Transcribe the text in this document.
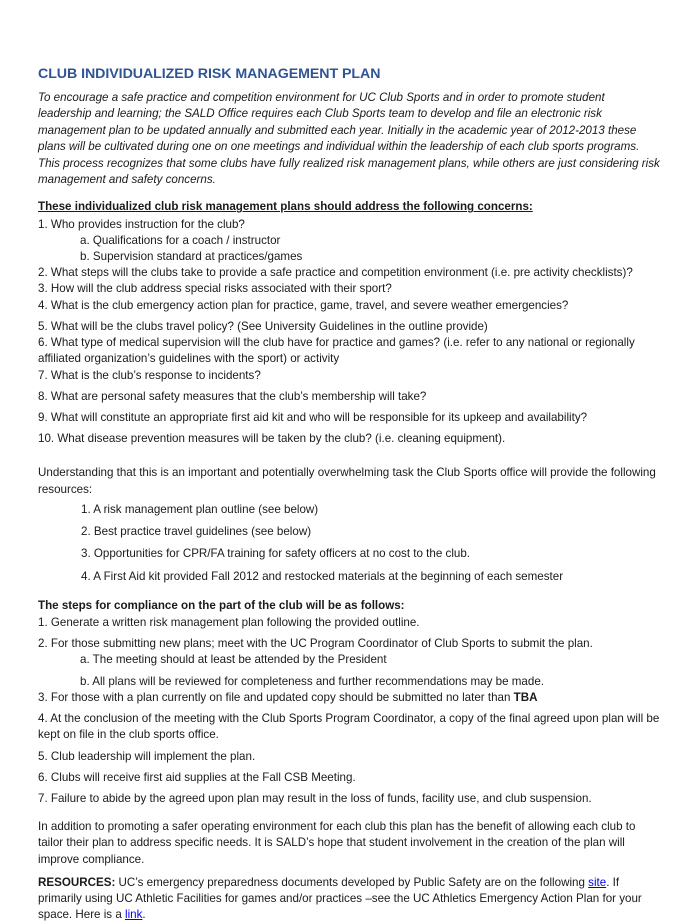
CLUB INDIVIDUALIZED RISK MANAGEMENT PLAN

To encourage a safe practice and competition environment for UC Club Sports and in order to promote student leadership and learning; the SALD Office requires each Club Sports team to develop and file an electronic risk management plan to be updated annually and submitted each year. Initially in the academic year of 2012-2013 these plans will be cultivated during one on one meetings and individual within the leadership of each club sports programs. This process recognizes that some clubs have fully realized risk management plans, while others are just considering risk management and safety concerns.

These individualized club risk management plans should address the following concerns:
1. Who provides instruction for the club?
a. Qualifications for a coach / instructor
b. Supervision standard at practices/games
2. What steps will the clubs take to provide a safe practice and competition environment (i.e. pre activity checklists)?
3. How will the club address special risks associated with their sport?
4. What is the club emergency action plan for practice, game, travel, and severe weather emergencies?
5. What will be the clubs travel policy? (See University Guidelines in the outline provide)
6. What type of medical supervision will the club have for practice and games? (i.e. refer to any national or regionally affiliated organization’s guidelines with the sport) or activity
7. What is the club’s response to incidents?
8. What are personal safety measures that the club’s membership will take?
9. What will constitute an appropriate first aid kit and who will be responsible for its upkeep and availability?
10. What disease prevention measures will be taken by the club? (i.e. cleaning equipment).

Understanding that this is an important and potentially overwhelming task the Club Sports office will provide the following resources:

1. A risk management plan outline (see below)
2. Best practice travel guidelines (see below)
3. Opportunities for CPR/FA training for safety officers at no cost to the club.
4. A First Aid kit provided Fall 2012 and restocked materials at the beginning of each semester
The steps for compliance on the part of the club will be as follows:
1. Generate a written risk management plan following the provided outline.
2. For those submitting new plans; meet with the UC Program Coordinator of Club Sports to submit the plan.
a. The meeting should at least be attended by the President
b. All plans will be reviewed for completeness and further recommendations may be made.
3. For those with a plan currently on file and updated copy should be submitted no later than TBA
4. At the conclusion of the meeting with the Club Sports Program Coordinator, a copy of the final agreed upon plan will be kept on file in the club sports office.
5. Club leadership will implement the plan.
6. Clubs will receive first aid supplies at the Fall CSB Meeting.
7. Failure to abide by the agreed upon plan may result in the loss of funds, facility use, and club suspension.

In addition to promoting a safer operating environment for each club this plan has the benefit of allowing each club to tailor their plan to address specific needs. It is SALD’s hope that student involvement in the creation of the plan will improve compliance.

RESOURCES: UC’s emergency preparedness documents developed by Public Safety are on the following site. If primarily using UC Athletic Facilities for games and/or practices –see the UC Athletics Emergency Action Plan for your space. Here is a link.
